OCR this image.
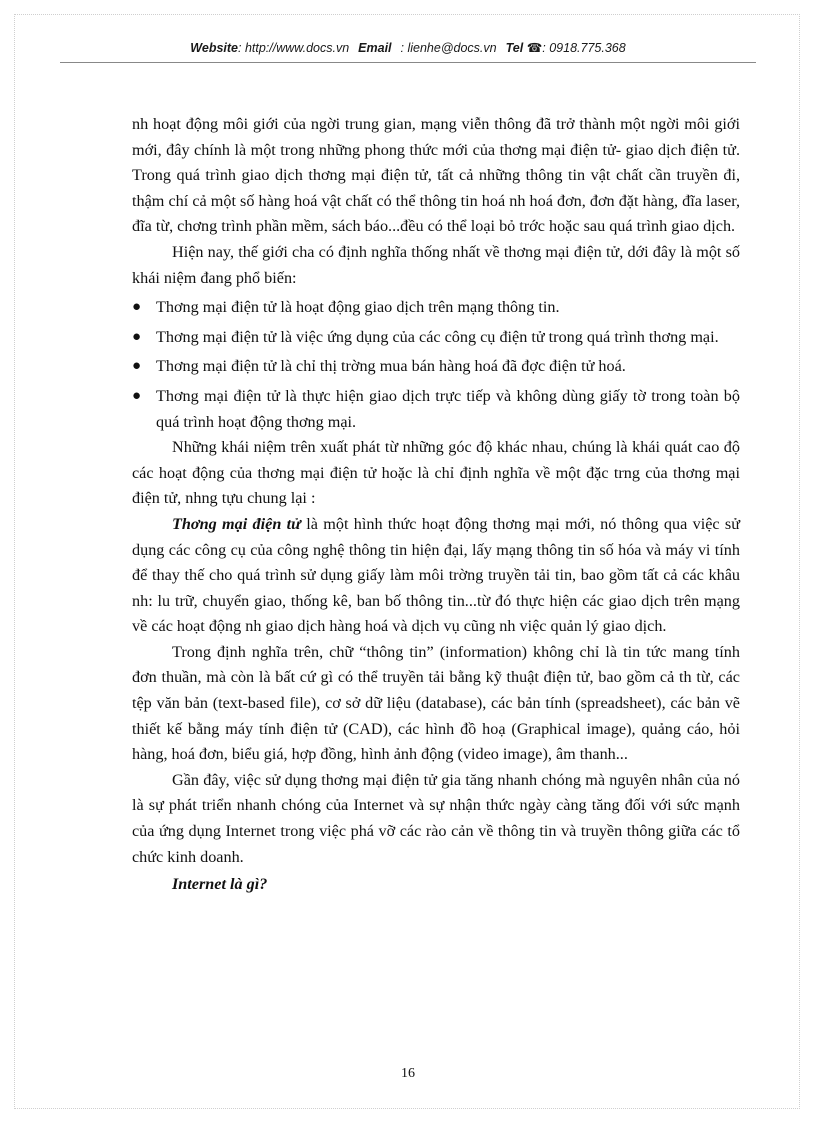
Website: http://www.docs.vn Email : lienhe@docs.vn Tel ☎: 0918.775.368

nh hoạt động môi giới của ngời trung gian, mạng viễn thông đã trở thành một ngời môi giới mới, đây chính là một trong những phong thức mới của thơng mại điện tử- giao dịch điện tử. Trong quá trình giao dịch thơng mại điện tử, tất cả những thông tin vật chất cần truyền đi, thậm chí cả một số hàng hoá vật chất có thể thông tin hoá nh hoá đơn, đơn đặt hàng, đĩa laser, đĩa từ, chơng trình phần mềm, sách báo...đều có thể loại bỏ trớc hoặc sau quá trình giao dịch.

Hiện nay, thế giới cha có định nghĩa thống nhất về thơng mại điện tử, dới đây là một số khái niệm đang phổ biến:

● Thơng mại điện tử là hoạt động giao dịch trên mạng thông tin.
● Thơng mại điện tử là việc ứng dụng của các công cụ điện tử trong quá trình thơng mại.
● Thơng mại điện tử là chỉ thị trờng mua bán hàng hoá đã đợc điện tử hoá.
● Thơng mại điện tử là thực hiện giao dịch trực tiếp và không dùng giấy tờ trong toàn bộ quá trình hoạt động thơng mại.

Những khái niệm trên xuất phát từ những góc độ khác nhau, chúng là khái quát cao độ các hoạt động của thơng mại điện tử hoặc là chỉ định nghĩa về một đặc trng của thơng mại điện tử, nhng tựu chung lại :

Thơng mại điện tử là một hình thức hoạt động thơng mại mới, nó thông qua việc sử dụng các công cụ của công nghệ thông tin hiện đại, lấy mạng thông tin số hóa và máy vi tính để thay thế cho quá trình sử dụng giấy làm môi trờng truyền tải tin, bao gồm tất cả các khâu nh: lu trữ, chuyển giao, thống kê, ban bố thông tin...từ đó thực hiện các giao dịch trên mạng về các hoạt động nh giao dịch hàng hoá và dịch vụ cũng nh việc quản lý giao dịch.

Trong định nghĩa trên, chữ “thông tin” (information) không chỉ là tin tức mang tính đơn thuần, mà còn là bất cứ gì có thể truyền tải bằng kỹ thuật điện tử, bao gồm cả th từ, các tệp văn bản (text-based file), cơ sở dữ liệu (database), các bản tính (spreadsheet), các bản vẽ thiết kế bằng máy tính điện tử (CAD), các hình đồ hoạ (Graphical image), quảng cáo, hỏi hàng, hoá đơn, biểu giá, hợp đồng, hình ảnh động (video image), âm thanh...

Gần đây, việc sử dụng thơng mại điện tử gia tăng nhanh chóng mà nguyên nhân của nó là sự phát triển nhanh chóng của Internet và sự nhận thức ngày càng tăng đối với sức mạnh của ứng dụng Internet trong việc phá vỡ các rào cản về thông tin và truyền thông giữa các tổ chức kinh doanh.

Internet là gì?

16
